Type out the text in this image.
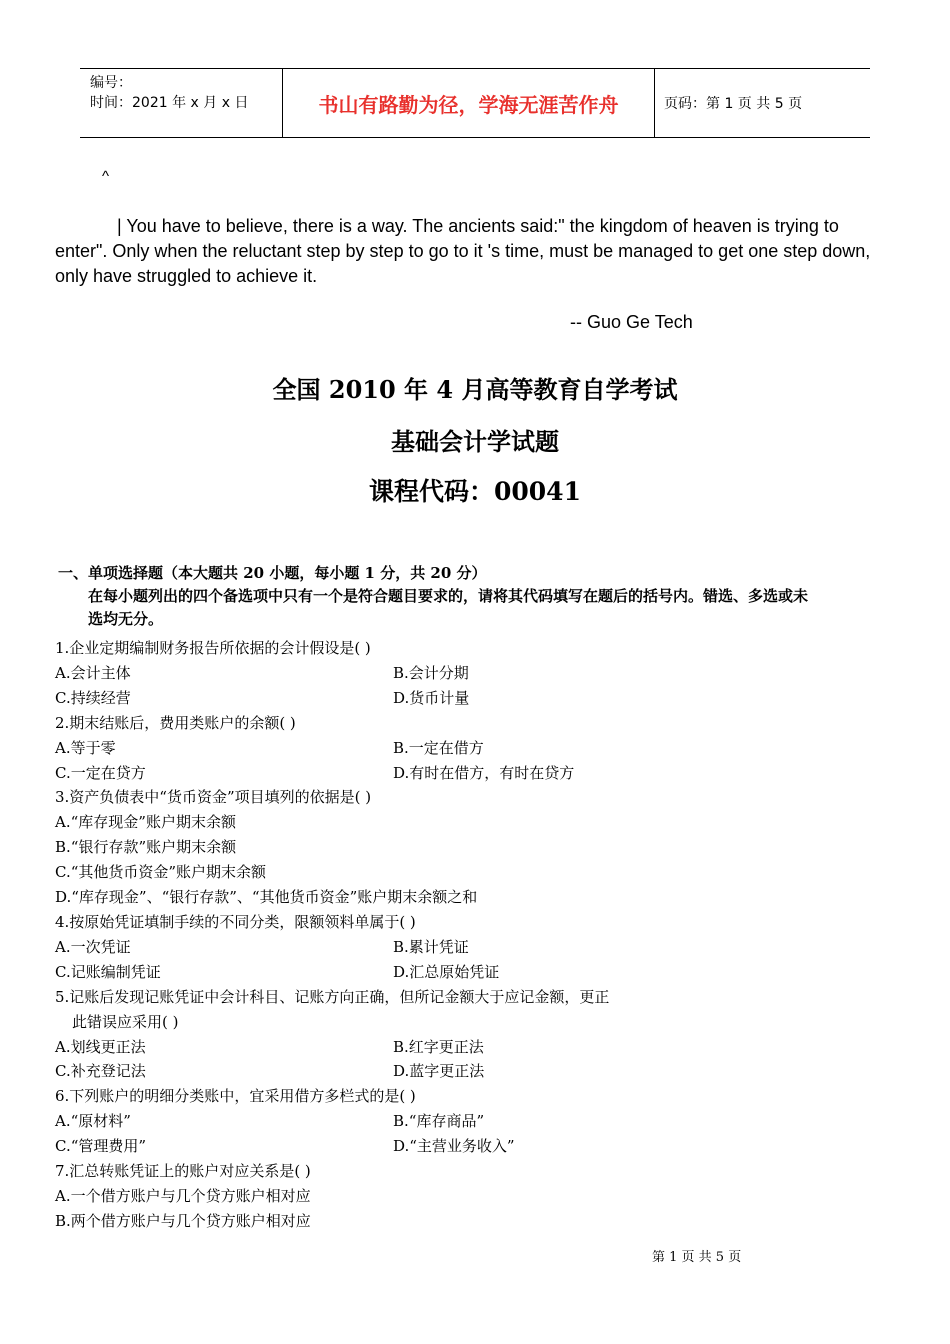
编号：
时间：2021 年 x 月 x 日	书山有路勤为径，学海无涯苦作舟	页码：第 1 页 共 5 页
^
| You have to believe, there is a way. The ancients said:" the kingdom of heaven is trying to enter". Only when the reluctant step by step to go to it 's time, must be managed to get one step down, only have struggled to achieve it.
-- Guo Ge Tech
全国 2010 年 4 月高等教育自学考试
基础会计学试题
课程代码：00041
一、单项选择题（本大题共 20 小题，每小题 1 分，共 20 分）
在每小题列出的四个备选项中只有一个是符合题目要求的，请将其代码填写在题后的括号内。错选、多选或未
选均无分。
1.企业定期编制财务报告所依据的会计假设是( )
A.会计主体	B.会计分期
C.持续经营	D.货币计量
2.期末结账后，费用类账户的余额( )
A.等于零	B.一定在借方
C.一定在贷方	D.有时在借方，有时在贷方
3.资产负债表中“货币资金”项目填列的依据是( )
A.“库存现金”账户期末余额
B.“银行存款”账户期末余额
C.“其他货币资金”账户期末余额
D.“库存现金”、“银行存款”、“其他货币资金”账户期末余额之和
4.按原始凭证填制手续的不同分类，限额领料单属于( )
A.一次凭证	B.累计凭证
C.记账编制凭证	D.汇总原始凭证
5.记账后发现记账凭证中会计科目、记账方向正确，但所记金额大于应记金额，更正
此错误应采用( )
A.划线更正法	B.红字更正法
C.补充登记法	D.蓝字更正法
6.下列账户的明细分类账中，宜采用借方多栏式的是( )
A.“原材料”	B.“库存商品”
C.“管理费用”	D.“主营业务收入”
7.汇总转账凭证上的账户对应关系是( )
A.一个借方账户与几个贷方账户相对应
B.两个借方账户与几个贷方账户相对应
第 1 页 共 5 页
